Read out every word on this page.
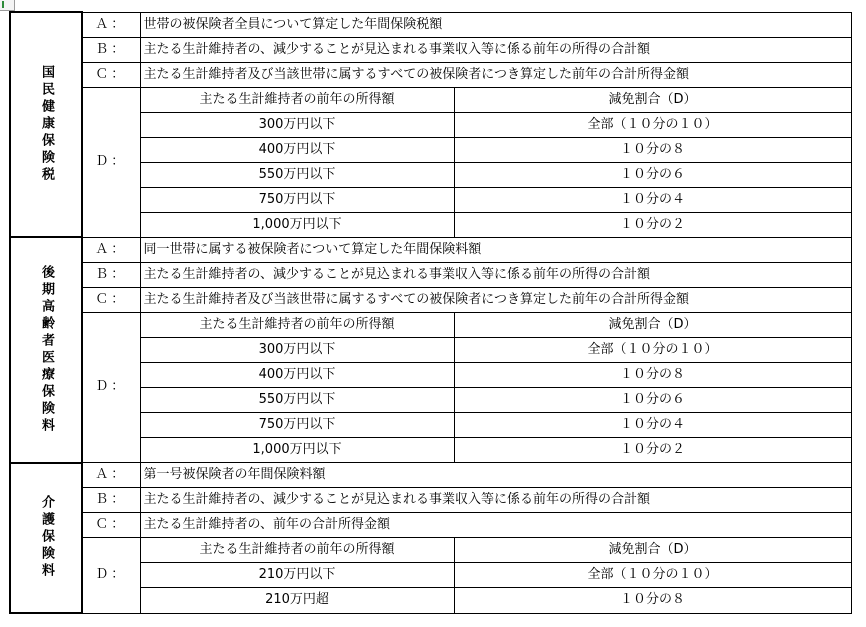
国民健康保険税	Ａ：	世帯の被保険者全員について算定した年間保険税額	
	Ｂ：	主たる生計維持者の、減少することが見込まれる事業収入等に係る前年の所得の合計額	
	Ｃ：	主たる生計維持者及び当該世帯に属するすべての被保険者につき算定した前年の合計所得金額	
	Ｄ：	主たる生計維持者の前年の所得額	減免割合（D）
		300万円以下	全部（１０分の１０）
		400万円以下	１０分の８
		550万円以下	１０分の６
		750万円以下	１０分の４
		1,000万円以下	１０分の２

後期高齢者医療保険料	Ａ：	同一世帯に属する被保険者について算定した年間保険料額	
	Ｂ：	主たる生計維持者の、減少することが見込まれる事業収入等に係る前年の所得の合計額	
	Ｃ：	主たる生計維持者及び当該世帯に属するすべての被保険者につき算定した前年の合計所得金額	
	Ｄ：	主たる生計維持者の前年の所得額	減免割合（D）
		300万円以下	全部（１０分の１０）
		400万円以下	１０分の８
		550万円以下	１０分の６
		750万円以下	１０分の４
		1,000万円以下	１０分の２

介護保険料	Ａ：	第一号被保険者の年間保険料額	
	Ｂ：	主たる生計維持者の、減少することが見込まれる事業収入等に係る前年の所得の合計額	
	Ｃ：	主たる生計維持者の、前年の合計所得金額	
	Ｄ：	主たる生計維持者の前年の所得額	減免割合（D）
		210万円以下	全部（１０分の１０）
		210万円超	１０分の８
